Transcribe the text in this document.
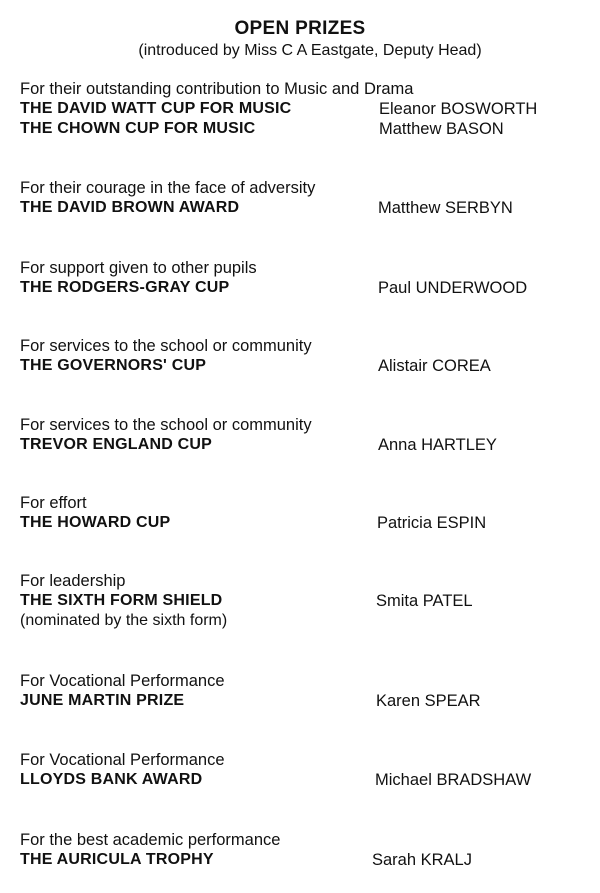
OPEN PRIZES
(introduced by Miss C A Eastgate, Deputy Head)
For their outstanding contribution to Music and Drama
THE DAVID WATT CUP FOR MUSIC	Eleanor BOSWORTH
THE CHOWN CUP FOR MUSIC	Matthew BASON
For their courage in the face of adversity
THE DAVID BROWN AWARD	Matthew SERBYN
For support given to other pupils
THE RODGERS-GRAY CUP	Paul UNDERWOOD
For services to the school or community
THE GOVERNORS' CUP	Alistair COREA
For services to the school or community
TREVOR ENGLAND CUP	Anna HARTLEY
For effort
THE HOWARD CUP	Patricia ESPIN
For leadership
THE SIXTH FORM SHIELD	Smita PATEL
(nominated by the sixth form)
For Vocational Performance
JUNE MARTIN PRIZE	Karen SPEAR
For Vocational Performance
LLOYDS BANK AWARD	Michael BRADSHAW
For the best academic performance
THE AURICULA TROPHY	Sarah KRALJ
